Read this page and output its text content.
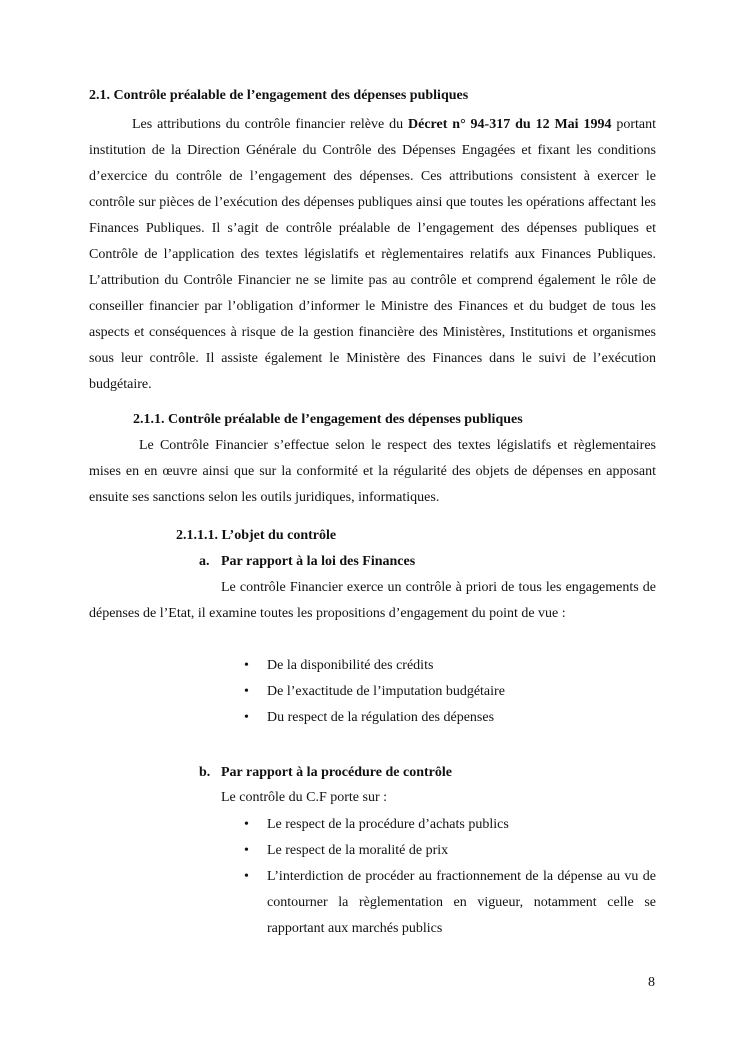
2.1. Contrôle préalable de l’engagement des dépenses publiques

Les attributions du contrôle financier relève du Décret n° 94-317 du 12 Mai 1994 portant institution de la Direction Générale du Contrôle des Dépenses Engagées et fixant les conditions d’exercice du contrôle de l’engagement des dépenses. Ces attributions consistent à exercer le contrôle sur pièces de l’exécution des dépenses publiques ainsi que toutes les opérations affectant les Finances Publiques. Il s’agit de contrôle préalable de l’engagement des dépenses publiques et Contrôle de l’application des textes législatifs et règlementaires relatifs aux Finances Publiques. L’attribution du Contrôle Financier ne se limite pas au contrôle et comprend également le rôle de conseiller financier par l’obligation d’informer le Ministre des Finances et du budget de tous les aspects et conséquences à risque de la gestion financière des Ministères, Institutions et organismes sous leur contrôle. Il assiste également le Ministère des Finances dans le suivi de l’exécution budgétaire.

2.1.1. Contrôle préalable de l’engagement des dépenses publiques

Le Contrôle Financier s’effectue selon le respect des textes législatifs et règlementaires mises en en œuvre ainsi que sur la conformité et la régularité des objets de dépenses en apposant ensuite ses sanctions selon les outils juridiques, informatiques.

2.1.1.1. L’objet du contrôle
a. Par rapport à la loi des Finances

Le contrôle Financier exerce un contrôle à priori de tous les engagements de dépenses de l’Etat, il examine toutes les propositions d’engagement du point de vue :

• De la disponibilité des crédits
• De l’exactitude de l’imputation budgétaire
• Du respect de la régulation des dépenses
b. Par rapport à la procédure de contrôle

Le contrôle du C.F porte sur :

• Le respect de la procédure d’achats publics
• Le respect de la moralité de prix
• L’interdiction de procéder au fractionnement de la dépense au vu de contourner la règlementation en vigueur, notamment celle se rapportant aux marchés publics
8
